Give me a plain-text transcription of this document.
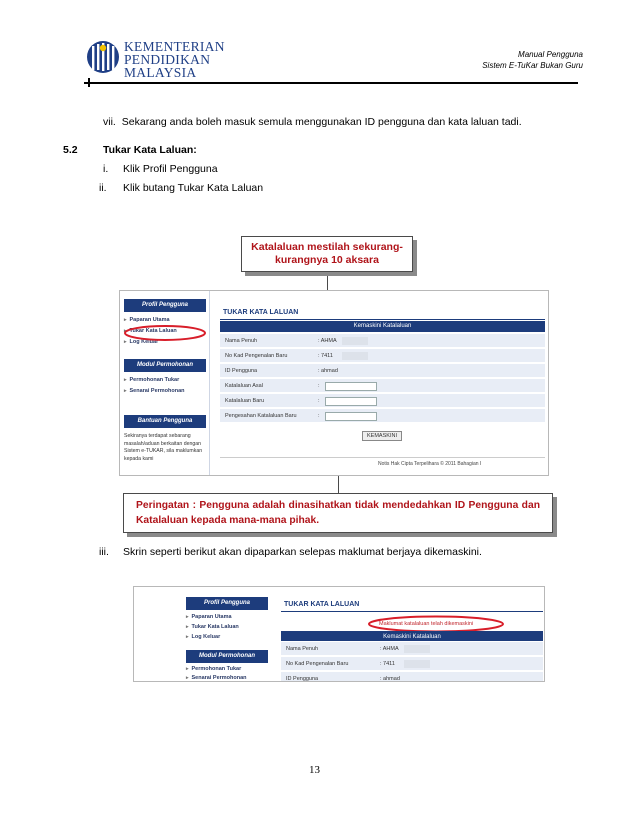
KEMENTERIAN
PENDIDIKAN
MALAYSIA
Manual Pengguna
Sistem E-TuKar Bukan Guru
vii. Sekarang anda boleh masuk semula menggunakan ID pengguna dan kata laluan tadi.
5.2 Tukar Kata Laluan:
i. Klik Profil Pengguna
ii. Klik butang Tukar Kata Laluan
Katalaluan mestilah sekurang-kurangnya 10 aksara
Profil Pengguna
▸ Paparan Utama
▸ Tukar Kata Laluan
▸ Log Keluar
Modul Permohonan
▸ Permohonan Tukar
▸ Senarai Permohonan
Bantuan Pengguna
Sekiranya terdapat sebarang masalah/aduan berkaitan dengan Sistem e-TUKAR, sila maklumkan kepada kami
TUKAR KATA LALUAN
Kemaskini Katalaluan
Nama Penuh
No Kad Pengenalan Baru
ID Pengguna
Katalaluan Asal
Katalaluan Baru
Pengesahan Katalaluan Baru
: AHMA
: 7411
: ahmad
:
:
:
KEMASKINI
Notis Hak Cipta Terpelihara © 2011 Bahagian I
Peringatan : Pengguna adalah dinasihatkan tidak mendedahkan ID Pengguna dan Katalaluan kepada mana-mana pihak.
iii. Skrin seperti berikut akan dipaparkan selepas maklumat berjaya dikemaskini.
Profil Pengguna
▸ Paparan Utama
▸ Tukar Kata Laluan
▸ Log Keluar
Modul Permohonan
▸ Permohonan Tukar
▸ Senarai Permohonan
TUKAR KATA LALUAN
Maklumat katalaluan telah dikemaskini
Kemaskini Katalaluan
Nama Penuh
No Kad Pengenalan Baru
ID Pengguna
: AHMA
: 7411
: ahmad
13
